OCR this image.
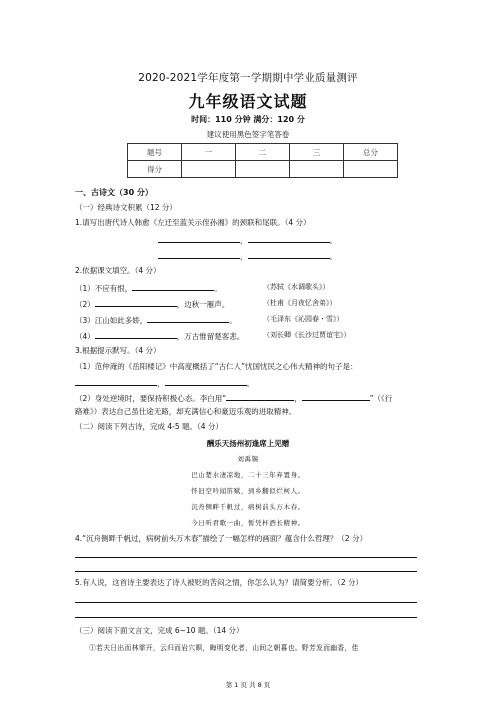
2020-2021学年度第一学期期中学业质量测评
九年级语文试题
时间：110 分钟 满分：120 分
建议使用黑色签字笔答卷
题号	一	二	三	总分
得分				
一、古诗文（30 分）
（一）经典诗文积累（12 分）
1.请写出唐代诗人韩愈《左迁至蓝关示侄孙湘》的颈联和尾联。（4 分）
，	。
，	。
2.依据课文填空。（4 分）
（1）不应有恨，	。	（苏轼《水调歌头》）
（2）	，边秋一雁声。	（杜甫《月夜忆舍弟》）
（3）江山如此多娇，	。	（毛泽东《沁园春・雪》）
（4）	，万古惟留楚客悲。	（刘长卿《长沙过贾谊宅》）
3.根据提示默写。（4 分）
（1）范仲淹的《岳阳楼记》中高度概括了“古仁人”忧国忧民之心伟大精神的句子是：
，	。
（2）身处逆境时，要保持积极心态。李白用“	，	”（《行
路难》）表达自己虽仕途无路，却充满信心和豪迈乐观的进取精神。
（二）阅读下列古诗，完成 4-5 题。（4 分）
酬乐天扬州初逢席上见赠
刘禹锡
巴山楚水凄凉地，二十三年弃置身。
怀旧空吟闻笛赋，到乡翻似烂柯人。
沉舟侧畔千帆过，病树前头万木春。
今日听君歌一曲，暂凭杯酒长精神。
4.“沉舟侧畔千帆过，病树前头万木春”描绘了一幅怎样的画面？蕴含什么哲理？（2 分）
5.有人说，这首诗主要表达了诗人被贬的苦闷之情，你怎么认为？请简要分析。（2 分）
（三）阅读下面文言文，完成 6~10 题。（14 分）
①若夫日出而林霏开，云归而岩穴暝，晦明变化者，山间之朝暮也。野芳发而幽香，佳
第 1 页 共 8 页
